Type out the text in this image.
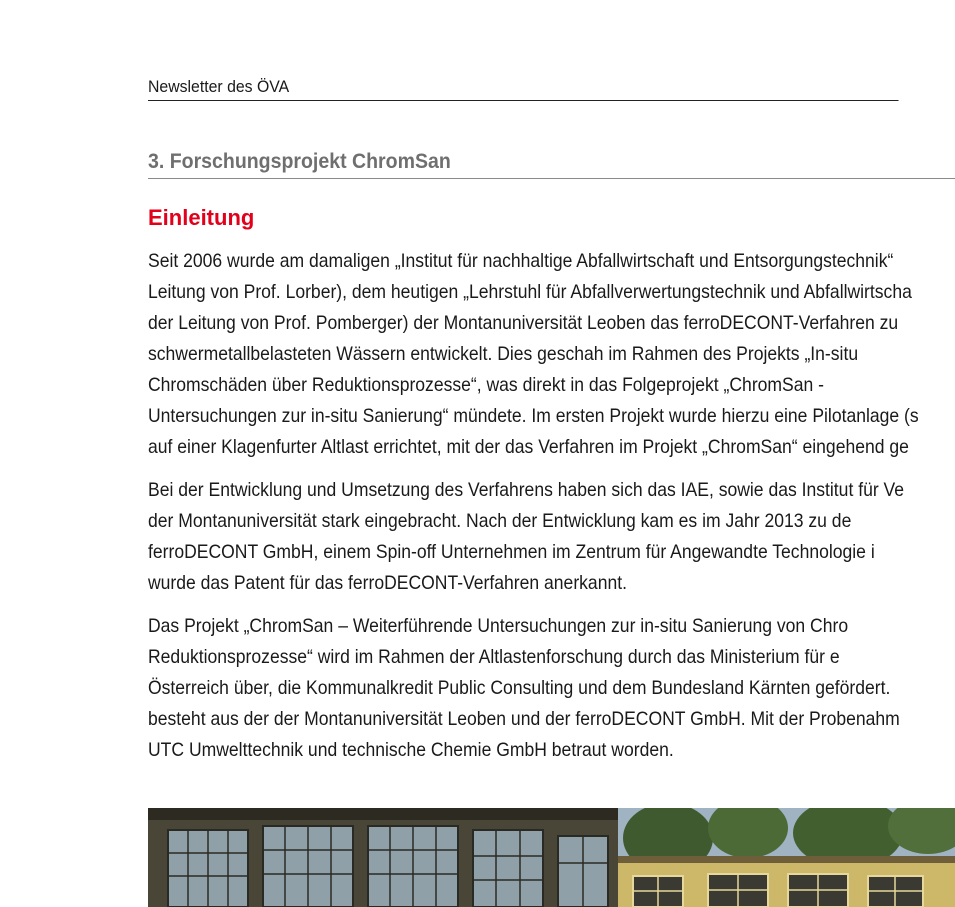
Newsletter des ÖVA
3. Forschungsprojekt ChromSan
Einleitung
Seit 2006 wurde am damaligen „Institut für nachhaltige Abfallwirtschaft und Entsorgungstechnik“
Leitung von Prof. Lorber), dem heutigen „Lehrstuhl für Abfallverwertungstechnik und Abfallwirtscha
der Leitung von Prof. Pomberger) der Montanuniversität Leoben das ferroDECONT-Verfahren zu
schwermetallbelasteten Wässern entwickelt. Dies geschah im Rahmen des Projekts „In-situ
Chromschäden über Reduktionsprozesse“, was direkt in das Folgeprojekt „ChromSan -
Untersuchungen zur in-situ Sanierung“ mündete. Im ersten Projekt wurde hierzu eine Pilotanlage (s
auf einer Klagenfurter Altlast errichtet, mit der das Verfahren im Projekt „ChromSan“ eingehend ge
Bei der Entwicklung und Umsetzung des Verfahrens haben sich das IAE, sowie das Institut für Ve
der Montanuniversität stark eingebracht. Nach der Entwicklung kam es im Jahr 2013 zu de
ferroDECONT GmbH, einem Spin-off Unternehmen im Zentrum für Angewandte Technologie i
wurde das Patent für das ferroDECONT-Verfahren anerkannt.
Das Projekt „ChromSan – Weiterführende Untersuchungen zur in-situ Sanierung von Chro
Reduktionsprozesse“ wird im Rahmen der Altlastenforschung durch das Ministerium für e
Österreich über, die Kommunalkredit Public Consulting und dem Bundesland Kärnten gefördert.
besteht aus der der Montanuniversität Leoben und der ferroDECONT GmbH. Mit der Probenahm
UTC Umwelttechnik und technische Chemie GmbH betraut worden.
